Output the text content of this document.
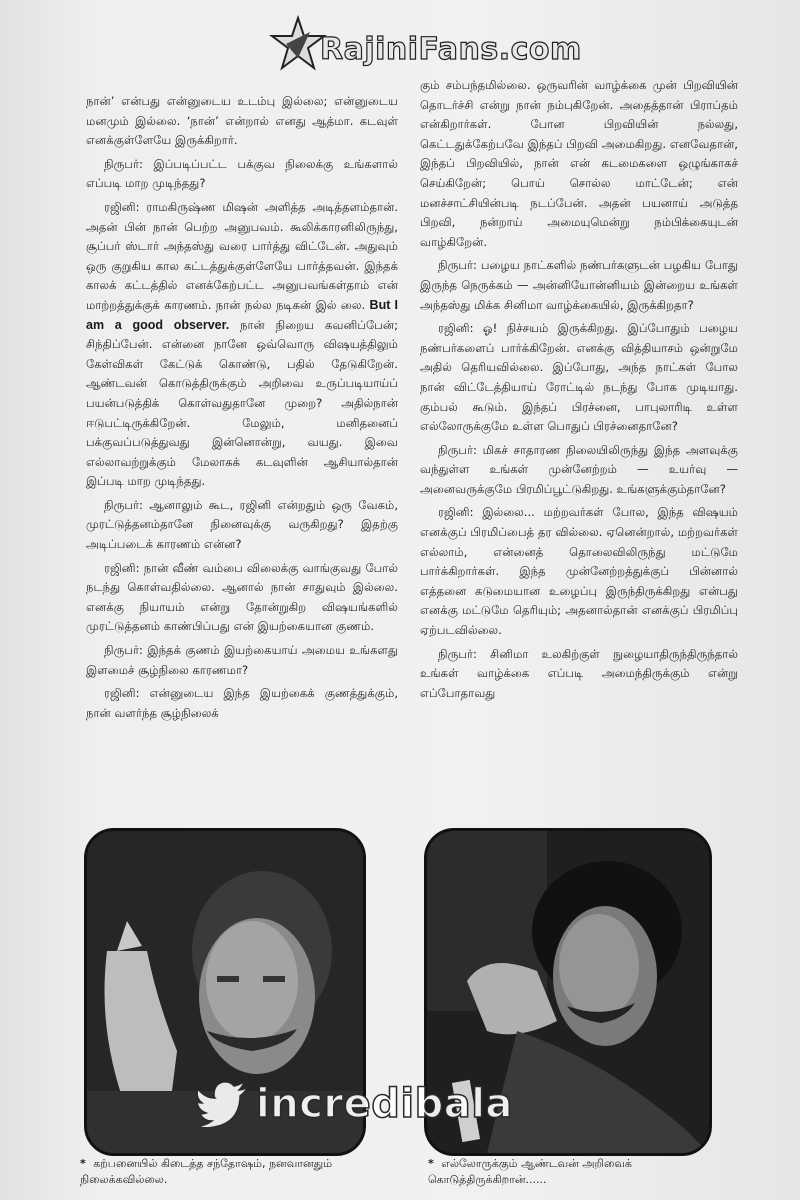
RajiniFans.com

நான்’ என்பது என்னுடைய உடம்பு இல்லை; என்னுடைய மனமும் இல்லை. ‘நான்’ என்றால் எனது ஆத்மா. கடவுள் எனக்குள்ளேயே இருக்கிறார்.

நிருபர்: இப்படிப்பட்ட பக்குவ நிலைக்கு உங்களால் எப்படி மாற முடிந்தது?

ரஜினி: ராமகிருஷ்ண மிஷன் அளித்த அடித்தளம்தான். அதன் பின் நான் பெற்ற அனுபவம். கூலிக்காரனிலிருந்து, சூப்பர் ஸ்டார் அந்தஸ்து வரை பார்த்து விட்டேன். அதுவும் ஒரு குறுகிய கால கட்டத்துக்குள்ளேயே பார்த்தவன். இந்தக் காலக் கட்டத்தில் எனக்கேற்பட்ட அனுபவங்கள்தாம் என் மாற்றத்துக்குக் காரணம். நான் நல்ல நடிகன் இல் லை. But I am a good observer. நான் நிறைய கவனிப்பேன்; சிந்திப்பேன். என்னை நானே ஒவ்வொரு விஷயத்திலும் கேள்விகள் கேட்டுக் கொண்டு, பதில் தேடுகிறேன். ஆண்டவன் கொடுத்திருக்கும் அறிவை உருப்படியாய்ப் பயன்படுத்திக் கொள்வதுதானே முறை? அதில்நான் ஈடுபட்டிருக்கிறேன். மேலும், மனிதனைப் பக்குவப்படுத்துவது இன்னொன்று, வயது. இவை எல்லாவற்றுக்கும் மேலாகக் கடவுளின் ஆசியால்தான் இப்படி மாற முடிந்தது.

நிருபர்: ஆனாலும் கூட, ரஜினி என்றதும் ஒரு வேகம், முரட்டுத்தனம்தானே நினைவுக்கு வருகிறது? இதற்கு அடிப்படைக் காரணம் என்ன?

ரஜினி: நான் வீண் வம்பை விலைக்கு வாங்குவது போல் நடந்து கொள்வதில்லை. ஆனால் நான் சாதுவும் இல்லை. எனக்கு நியாயம் என்று தோன்றுகிற விஷயங்களில் முரட்டுத்தனம் காண்பிப்பது என் இயற்கையான குணம்.

நிருபர்: இந்தக் குணம் இயற்கையாய் அமைய உங்களது இளமைச் சூழ்நிலை காரணமா?

ரஜினி: என்னுடைய இந்த இயற்கைக் குணத்துக்கும், நான் வளர்ந்த சூழ்நிலைக்

கும் சம்பந்தமில்லை. ஒருவரின் வாழ்க்கை முன் பிறவியின் தொடர்ச்சி என்று நான் நம்புகிறேன். அதைத்தான் பிராப்தம் என்கிறார்கள். போன பிறவியின் நல்லது, கெட்டதுக்கேற்பவே இந்தப் பிறவி அமைகிறது. எனவேதான், இந்தப் பிறவியில், நான் என் கடமைகளை ஒழுங்காகச் செய்கிறேன்; பொய் சொல்ல மாட்டேன்; என் மனச்சாட்சியின்படி நடப்பேன். அதன் பயனாய் அடுத்த பிறவி, நன்றாய் அமையுமென்று நம்பிக்கையுடன் வாழ்கிறேன்.

நிருபர்: பழைய நாட்களில் நண்பர்களுடன் பழகிய போது இருந்த நெருக்கம் — அன்னியோன்னியம் இன்றைய உங்கள் அந்தஸ்து மிக்க சினிமா வாழ்க்கையில், இருக்கிறதா?

ரஜினி: ஓ! நிச்சயம் இருக்கிறது. இப்போதும் பழைய நண்பர்களைப் பார்க்கிறேன். எனக்கு வித்தியாசம் ஒன்றுமே அதில் தெரியவில்லை. இப்போது, அந்த நாட்கள் போல நான் விட்டேத்தியாய் ரோட்டில் நடந்து போக முடியாது. கும்பல் கூடும். இந்தப் பிரச்னை, பாபுலாரிடி உள்ள எல்லோருக்குமே உள்ள பொதுப் பிரச்னைதானே?

நிருபர்: மிகச் சாதாரண நிலையிலிருந்து இந்த அளவுக்கு வந்துள்ள உங்கள் முன்னேற்றம் — உயர்வு — அனைவருக்குமே பிரமிப்பூட்டுகிறது. உங்களுக்கும்தானே?

ரஜினி: இல்லை... மற்றவர்கள் போல, இந்த விஷயம் எனக்குப் பிரமிப்பைத் தர வில்லை. ஏனென்றால், மற்றவர்கள் எல்லாம், என்னைத் தொலைவிலிருந்து மட்டுமே பார்க்கிறார்கள். இந்த முன்னேற்றத்துக்குப் பின்னால் எத்தனை கடுமையான உழைப்பு இருந்திருக்கிறது என்பது எனக்கு மட்டுமே தெரியும்; அதனால்தான் எனக்குப் பிரமிப்பு ஏற்படவில்லை.

நிருபர்: சினிமா உலகிற்குள் நுழையாதிருந்திருந்தால் உங்கள் வாழ்க்கை எப்படி அமைந்திருக்கும் என்று எப்போதாவது

incredibala
* கற்பனையில் கிடைத்த சந்தோஷம், நனவானதும் நிலைக்கவில்லை.
* எல்லோருக்கும் ஆண்டவன் அறிவைக் கொடுத்திருக்கிறான்......
